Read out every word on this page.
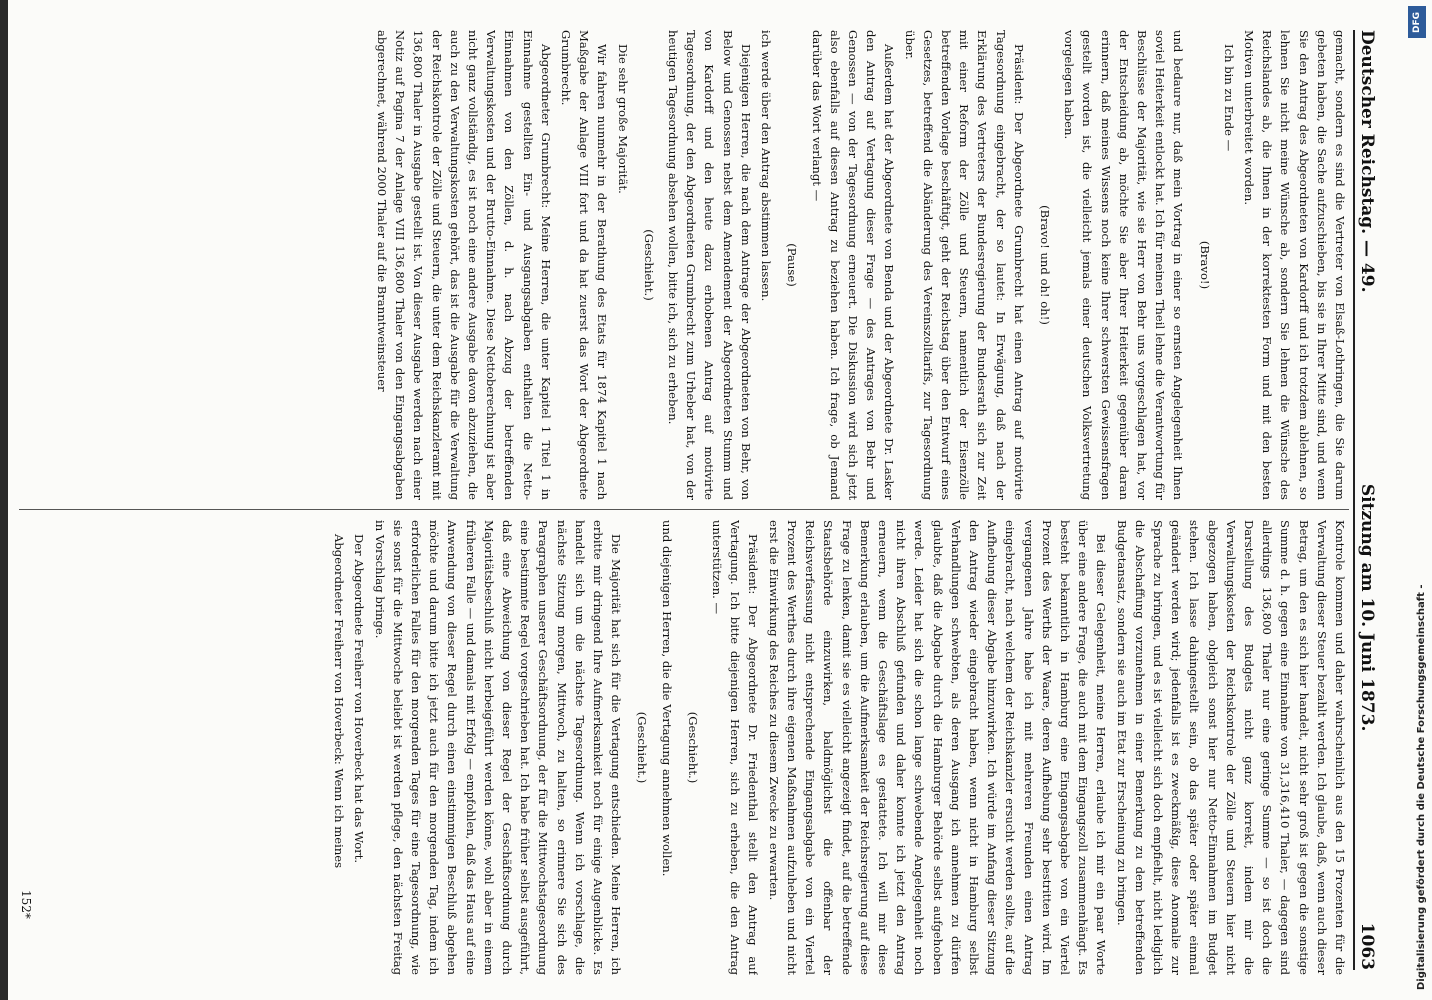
Deutscher Reichstag. — 49.
Sitzung am 10. Juni 1873.
1063

gemacht, sondern es sind die Vertreter von Elsaß-Lothringen, die Sie darum gebeten haben, die Sache aufzuschieben, bis sie in Ihrer Mitte sind, und wenn Sie den Antrag des Abgeordneten von Kardorff und ich trotzdem ablehnen, so lehnen Sie nicht meine Wünsche ab, sondern Sie lehnen die Wünsche des Reichslandes ab, die Ihnen in der korrektesten Form und mit den besten Motiven unterbreitet worden.

Ich bin zu Ende —

(Bravo!)

und bedaure nur, daß mein Vortrag in einer so ernsten Angelegenheit Ihnen soviel Heiterkeit entlockt hat. Ich für meinen Theil lehne die Verantwortung für Beschlüsse der Majorität, wie sie Herr von Behr uns vorgeschlagen hat, vor der Entscheidung ab, möchte Sie aber Ihrer Heiterkeit gegenüber daran erinnern, daß meines Wissens noch keine Ihrer schwersten Gewissensfragen gestellt worden ist, die vielleicht jemals einer deutschen Volksvertretung vorgelegen haben.

(Bravo! und oh! oh!)

Präsident: Der Abgeordnete Grumbrecht hat einen Antrag auf motivirte Tagesordnung eingebracht, der so lautet: In Erwägung, daß nach der Erklärung des Vertreters der Bundesregierung der Bundesrath sich zur Zeit mit einer Reform der Zölle und Steuern, namentlich der Eisenzölle betreffenden Vorlage beschäftigt, geht der Reichstag über den Entwurf eines Gesetzes, betreffend die Abänderung des Vereinszolltarifs, zur Tagesordnung über.

Außerdem hat der Abgeordnete von Benda und der Abgeordnete Dr. Lasker den Antrag auf Vertagung dieser Frage — des Antrages von Behr und Genossen — von der Tagesordnung erneuert. Die Diskussion wird sich jetzt also ebenfalls auf diesen Antrag zu beziehen haben. Ich frage, ob Jemand darüber das Wort verlangt —

(Pause)

ich werde über den Antrag abstimmen lassen.

Diejenigen Herren, die nach dem Antrage der Abgeordneten von Behr, von Below und Genossen nebst dem Amendement der Abgeordneten Stumm und von Kardorff und den heute dazu erhobenen Antrag auf motivirte Tagesordnung, der den Abgeordneten Grumbrecht zum Urheber hat, von der heutigen Tagesordnung absehen wollen, bitte ich, sich zu erheben.

(Geschieht.)

Die sehr große Majorität.

Wir fahren nunmehr in der Berathung des Etats für 1874 Kapitel 1 nach Maßgabe der Anlage VIII fort und da hat zuerst das Wort der Abgeordnete Grumbrecht.

Abgeordneter Grumbrecht: Meine Herren, die unter Kapitel 1 Titel 1 in Einnahme gestellten Ein- und Ausgangsabgaben enthalten die Netto-Einnahmen von den Zöllen, d. h. nach Abzug der betreffenden Verwaltungskosten und der Brutto-Einnahme. Diese Nettoberechnung ist aber nicht ganz vollständig, es ist noch eine andere Ausgabe davon abzuziehen, die auch zu den Verwaltungskosten gehört, das ist die Ausgabe für die Verwaltung der Reichskontrole der Zölle und Steuern, die unter dem Reichskanzleramt mit 136,800 Thaler in Ausgabe gestellt ist. Von dieser Ausgabe werden nach einer Notiz auf Pagina 7 der Anlage VIII 136,800 Thaler von den Eingangsabgaben abgerechnet, während 2000 Thaler auf die Branntweinsteuer

Kontrole kommen und daher wahrscheinlich aus den 15 Prozenten für die Verwaltung dieser Steuer bezahlt werden. Ich glaube, daß, wenn auch dieser Betrag, um den es sich hier handelt, nicht sehr groß ist gegen die sonstige Summe d. h. gegen eine Einnahme von 31,316,410 Thaler, — dagegen sind allerdings 136,800 Thaler nur eine geringe Summe — so ist doch die Darstellung des Budgets nicht ganz korrekt, indem mir die Verwaltungskosten der Reichskontrole der Zölle und Steuern hier nicht abgezogen haben, obgleich sonst hier nur Netto-Einnahmen im Budget stehen. Ich lasse dahingestellt sein, ob das später oder später einmal geändert werden wird; jedenfalls ist es zweckmäßig, diese Anomalie zur Sprache zu bringen, und es ist vielleicht sich doch empfiehlt, nicht lediglich die Abschaffung vorzunehmen in einer Bemerkung zu dem betreffenden Budgetansatz, sondern sie auch im Etat zur Erscheinung zu bringen.

Bei dieser Gelegenheit, meine Herren, erlaube ich mir ein paar Worte über eine andere Frage, die auch mit dem Eingangszoll zusammenhängt. Es besteht bekanntlich in Hamburg eine Eingangsabgabe von ein Viertel Prozent des Werths der Waare, deren Aufhebung sehr bestritten wird. Im vergangenen Jahre habe ich mit mehreren Freunden einen Antrag eingebracht, nach welchem der Reichskanzler ersucht werden sollte, auf die Aufhebung dieser Abgabe hinzuwirken. Ich würde im Anfang dieser Sitzung den Antrag wieder eingebracht haben, wenn nicht in Hamburg selbst Verhandlungen schwebten, als deren Ausgang ich annehmen zu dürfen glaubte, daß die Abgabe durch die Hamburger Behörde selbst aufgehoben werde. Leider hat sich die schon lange schwebende Angelegenheit noch nicht ihren Abschluß gefunden und daher konnte ich jetzt den Antrag erneuern, wenn die Geschäftslage es gestattete. Ich will mir diese Bemerkung erlauben, um die Aufmerksamkeit der Reichsregierung auf diese Frage zu lenken, damit sie es vielleicht angezeigt findet, auf die betreffende Staatsbehörde einzuwirken, baldmöglichst die offenbar der Reichsverfassung nicht entsprechende Eingangsabgabe von ein Viertel Prozent des Werthes durch ihre eigenen Maßnahmen aufzuheben und nicht erst die Einwirkung des Reiches zu diesem Zwecke zu erwarten.

Präsident: Der Abgeordnete Dr. Friedenthal stellt den Antrag auf Vertagung. Ich bitte diejenigen Herren, sich zu erheben, die den Antrag unterstützen. —

(Geschieht.)

und diejenigen Herren, die die Vertagung annehmen wollen.

(Geschieht.)

Die Majorität hat sich für die Vertagung entschieden. Meine Herren, ich erbitte mir dringend Ihre Aufmerksamkeit noch für einige Augenblicke. Es handelt sich um die nächste Tagesordnung. Wenn ich vorschlage, die nächste Sitzung morgen, Mittwoch, zu halten, so erinnere Sie sich des Paragraphen unserer Geschäftsordnung, der für die Mittwochstagesordnung eine bestimmte Regel vorgeschrieben hat. Ich habe früher selbst ausgeführt, daß eine Abweichung von dieser Regel der Geschäftsordnung durch Majoritätsbeschluß nicht herbeigeführt werden könne, wohl aber in einem früheren Falle — und damals mit Erfolg — empfohlen, daß das Haus auf eine Anwendung von dieser Regel durch einen einstimmigen Beschluß abgehen möchte und darum bitte ich jetzt auch für den morgenden Tag, indem ich erforderlichen Falles für den morgenden Tages für eine Tagesordnung, wie sie sonst für die Mittwoche beliebt ist werden pflege, den nächsten Freitag in Vorschlag bringe.

Der Abgeordnete Freiherr von Hoverbeck hat das Wort.

Abgeordneter Freiherr von Hoverbeck: Wenn ich meines

152*
DFG
Digitalisierung gefördert durch die Deutsche Forschungsgemeinschaft -
